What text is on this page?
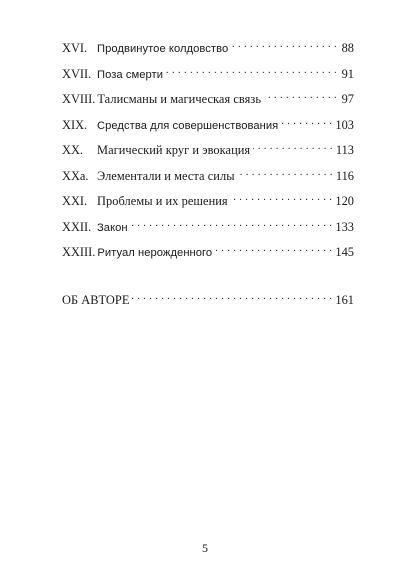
XVI. Продвинутое колдовство . . .	88
XVII. Поза смерти . . .	91
XVIII. Талисманы и магическая связь . . .	97
XIX. Средства для совершенствования . . .	103
XX.	Магический круг и эвокация . . .	113
XXa. Элементали и места силы . . .	116
XXI. Проблемы и их решения . . .	120
XXII. Закон . . .	133
XXIII. Ритуал нерожденного . . .	145
ОБ АВТОРЕ . . .	161
5
